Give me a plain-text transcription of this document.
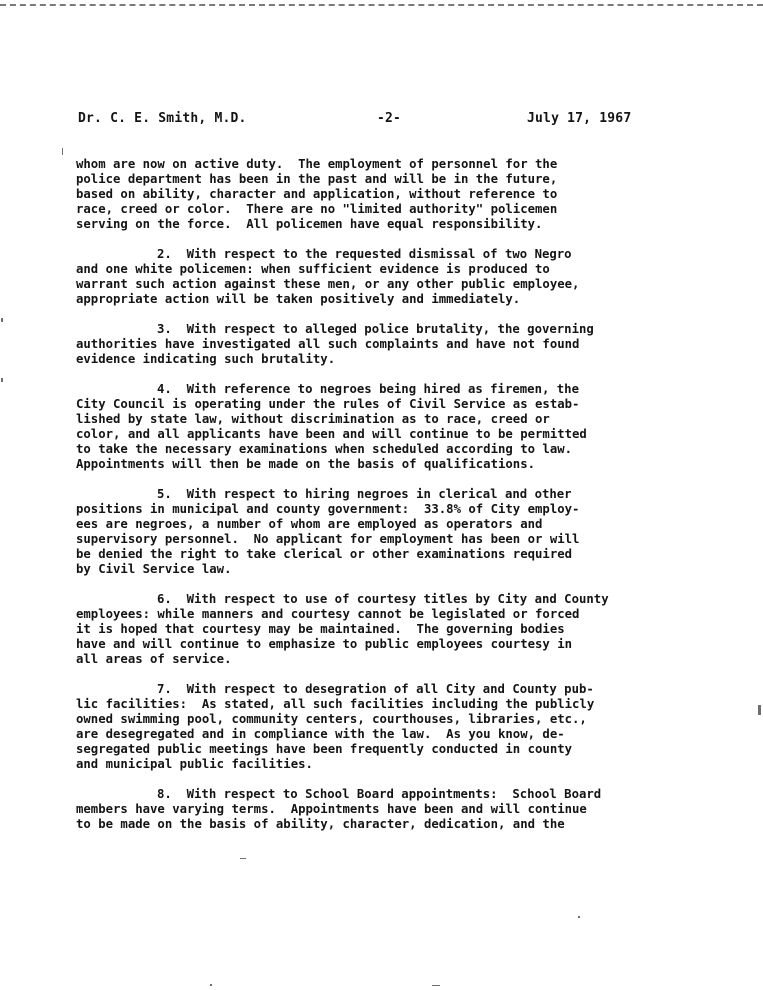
Dr. C. E. Smith, M.D.	-2-	July 17, 1967
whom are now on active duty.  The employment of personnel for the
police department has been in the past and will be in the future,
based on ability, character and application, without reference to
race, creed or color.  There are no "limited authority" policemen
serving on the force.  All policemen have equal responsibility.
2.  With respect to the requested dismissal of two Negro
and one white policemen: when sufficient evidence is produced to
warrant such action against these men, or any other public employee,
appropriate action will be taken positively and immediately.
3.  With respect to alleged police brutality, the governing
authorities have investigated all such complaints and have not found
evidence indicating such brutality.
4.  With reference to negroes being hired as firemen, the
City Council is operating under the rules of Civil Service as estab-
lished by state law, without discrimination as to race, creed or
color, and all applicants have been and will continue to be permitted
to take the necessary examinations when scheduled according to law.
Appointments will then be made on the basis of qualifications.
5.  With respect to hiring negroes in clerical and other
positions in municipal and county government:  33.8% of City employ-
ees are negroes, a number of whom are employed as operators and
supervisory personnel.  No applicant for employment has been or will
be denied the right to take clerical or other examinations required
by Civil Service law.
6.  With respect to use of courtesy titles by City and County
employees: while manners and courtesy cannot be legislated or forced
it is hoped that courtesy may be maintained.  The governing bodies
have and will continue to emphasize to public employees courtesy in
all areas of service.
7.  With respect to desegration of all City and County pub-
lic facilities:  As stated, all such facilities including the publicly
owned swimming pool, community centers, courthouses, libraries, etc.,
are desegregated and in compliance with the law.  As you know, de-
segregated public meetings have been frequently conducted in county
and municipal public facilities.
8.  With respect to School Board appointments:  School Board
members have varying terms.  Appointments have been and will continue
to be made on the basis of ability, character, dedication, and the
